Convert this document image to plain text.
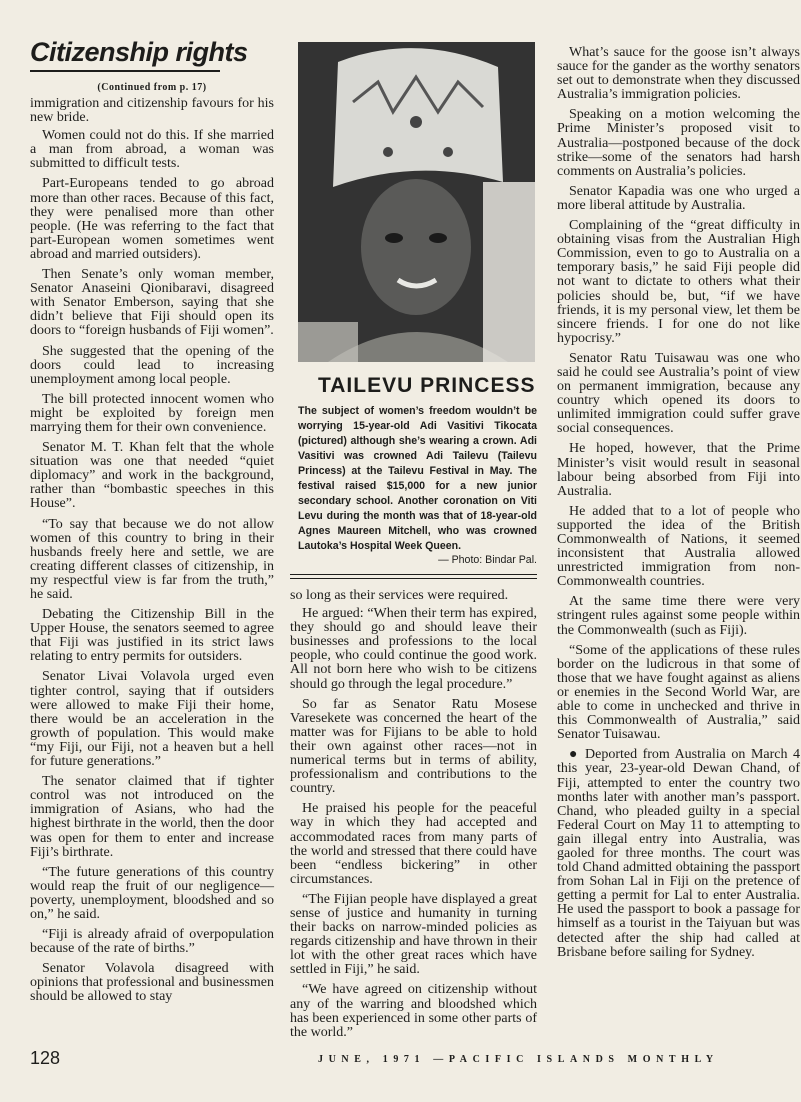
Citizenship rights
(Continued from p. 17)

immigration and citizenship favours for his new bride.

Women could not do this. If she married a man from abroad, a woman was submitted to difficult tests.

Part-Europeans tended to go abroad more than other races. Because of this fact, they were penalised more than other people. (He was referring to the fact that part-European women sometimes went abroad and married outsiders).

Then Senate’s only woman member, Senator Anaseini Qionibaravi, disagreed with Senator Emberson, saying that she didn’t believe that Fiji should open its doors to “foreign husbands of Fiji women”.

She suggested that the opening of the doors could lead to increasing unemployment among local people.

The bill protected innocent women who might be exploited by foreign men marrying them for their own convenience.

Senator M. T. Khan felt that the whole situation was one that needed “quiet diplomacy” and work in the background, rather than “bombastic speeches in this House”.

“To say that because we do not allow women of this country to bring in their husbands freely here and settle, we are creating different classes of citizenship, in my respectful view is far from the truth,” he said.

Debating the Citizenship Bill in the Upper House, the senators seemed to agree that Fiji was justified in its strict laws relating to entry permits for outsiders.

Senator Livai Volavola urged even tighter control, saying that if outsiders were allowed to make Fiji their home, there would be an acceleration in the growth of population. This would make “my Fiji, our Fiji, not a heaven but a hell for future generations.”

The senator claimed that if tighter control was not introduced on the immigration of Asians, who had the highest birthrate in the world, then the door was open for them to enter and increase Fiji’s birthrate.

“The future generations of this country would reap the fruit of our negligence—poverty, unemployment, bloodshed and so on,” he said.

“Fiji is already afraid of overpopulation because of the rate of births.”

Senator Volavola disagreed with opinions that professional and businessmen should be allowed to stay

TAILEVU PRINCESS

The subject of women’s freedom wouldn’t be worrying 15-year-old Adi Vasitivi Tikocata (pictured) although she’s wearing a crown. Adi Vasitivi was crowned Adi Tailevu (Tailevu Princess) at the Tailevu Festival in May. The festival raised $15,000 for a new junior secondary school. Another coronation on Viti Levu during the month was that of 18-year-old Agnes Maureen Mitchell, who was crowned Lautoka’s Hospital Week Queen.

— Photo: Bindar Pal.

so long as their services were required.

He argued: “When their term has expired, they should go and should leave their businesses and professions to the local people, who could continue the good work. All not born here who wish to be citizens should go through the legal procedure.”

So far as Senator Ratu Mosese Varesekete was concerned the heart of the matter was for Fijians to be able to hold their own against other races—not in numerical terms but in terms of ability, professionalism and contributions to the country.

He praised his people for the peaceful way in which they had accepted and accommodated races from many parts of the world and stressed that there could have been “endless bickering” in other circumstances.

“The Fijian people have displayed a great sense of justice and humanity in turning their backs on narrow-minded policies as regards citizenship and have thrown in their lot with the other great races which have settled in Fiji,” he said.

“We have agreed on citizenship without any of the warring and bloodshed which has been experienced in some other parts of the world.”

What’s sauce for the goose isn’t always sauce for the gander as the worthy senators set out to demonstrate when they discussed Australia’s immigration policies.

Speaking on a motion welcoming the Prime Minister’s proposed visit to Australia—postponed because of the dock strike—some of the senators had harsh comments on Australia’s policies.

Senator Kapadia was one who urged a more liberal attitude by Australia.

Complaining of the “great difficulty in obtaining visas from the Australian High Commission, even to go to Australia on a temporary basis,” he said Fiji people did not want to dictate to others what their policies should be, but, “if we have friends, it is my personal view, let them be sincere friends. I for one do not like hypocrisy.”

Senator Ratu Tuisawau was one who said he could see Australia’s point of view on permanent immigration, because any country which opened its doors to unlimited immigration could suffer grave social consequences.

He hoped, however, that the Prime Minister’s visit would result in seasonal labour being absorbed from Fiji into Australia.

He added that to a lot of people who supported the idea of the British Commonwealth of Nations, it seemed inconsistent that Australia allowed unrestricted immigration from non-Commonwealth countries.

At the same time there were very stringent rules against some people within the Commonwealth (such as Fiji).

“Some of the applications of these rules border on the ludicrous in that some of those that we have fought against as aliens or enemies in the Second World War, are able to come in unchecked and thrive in this Commonwealth of Australia,” said Senator Tuisawau.

● Deported from Australia on March 4 this year, 23-year-old Dewan Chand, of Fiji, attempted to enter the country two months later with another man’s passport. Chand, who pleaded guilty in a special Federal Court on May 11 to attempting to gain illegal entry into Australia, was gaoled for three months. The court was told Chand admitted obtaining the passport from Sohan Lal in Fiji on the pretence of getting a permit for Lal to enter Australia. He used the passport to book a passage for himself as a tourist in the Taiyuan but was detected after the ship had called at Brisbane before sailing for Sydney.

128	JUNE, 1971 —PACIFIC ISLANDS MONTHLY
